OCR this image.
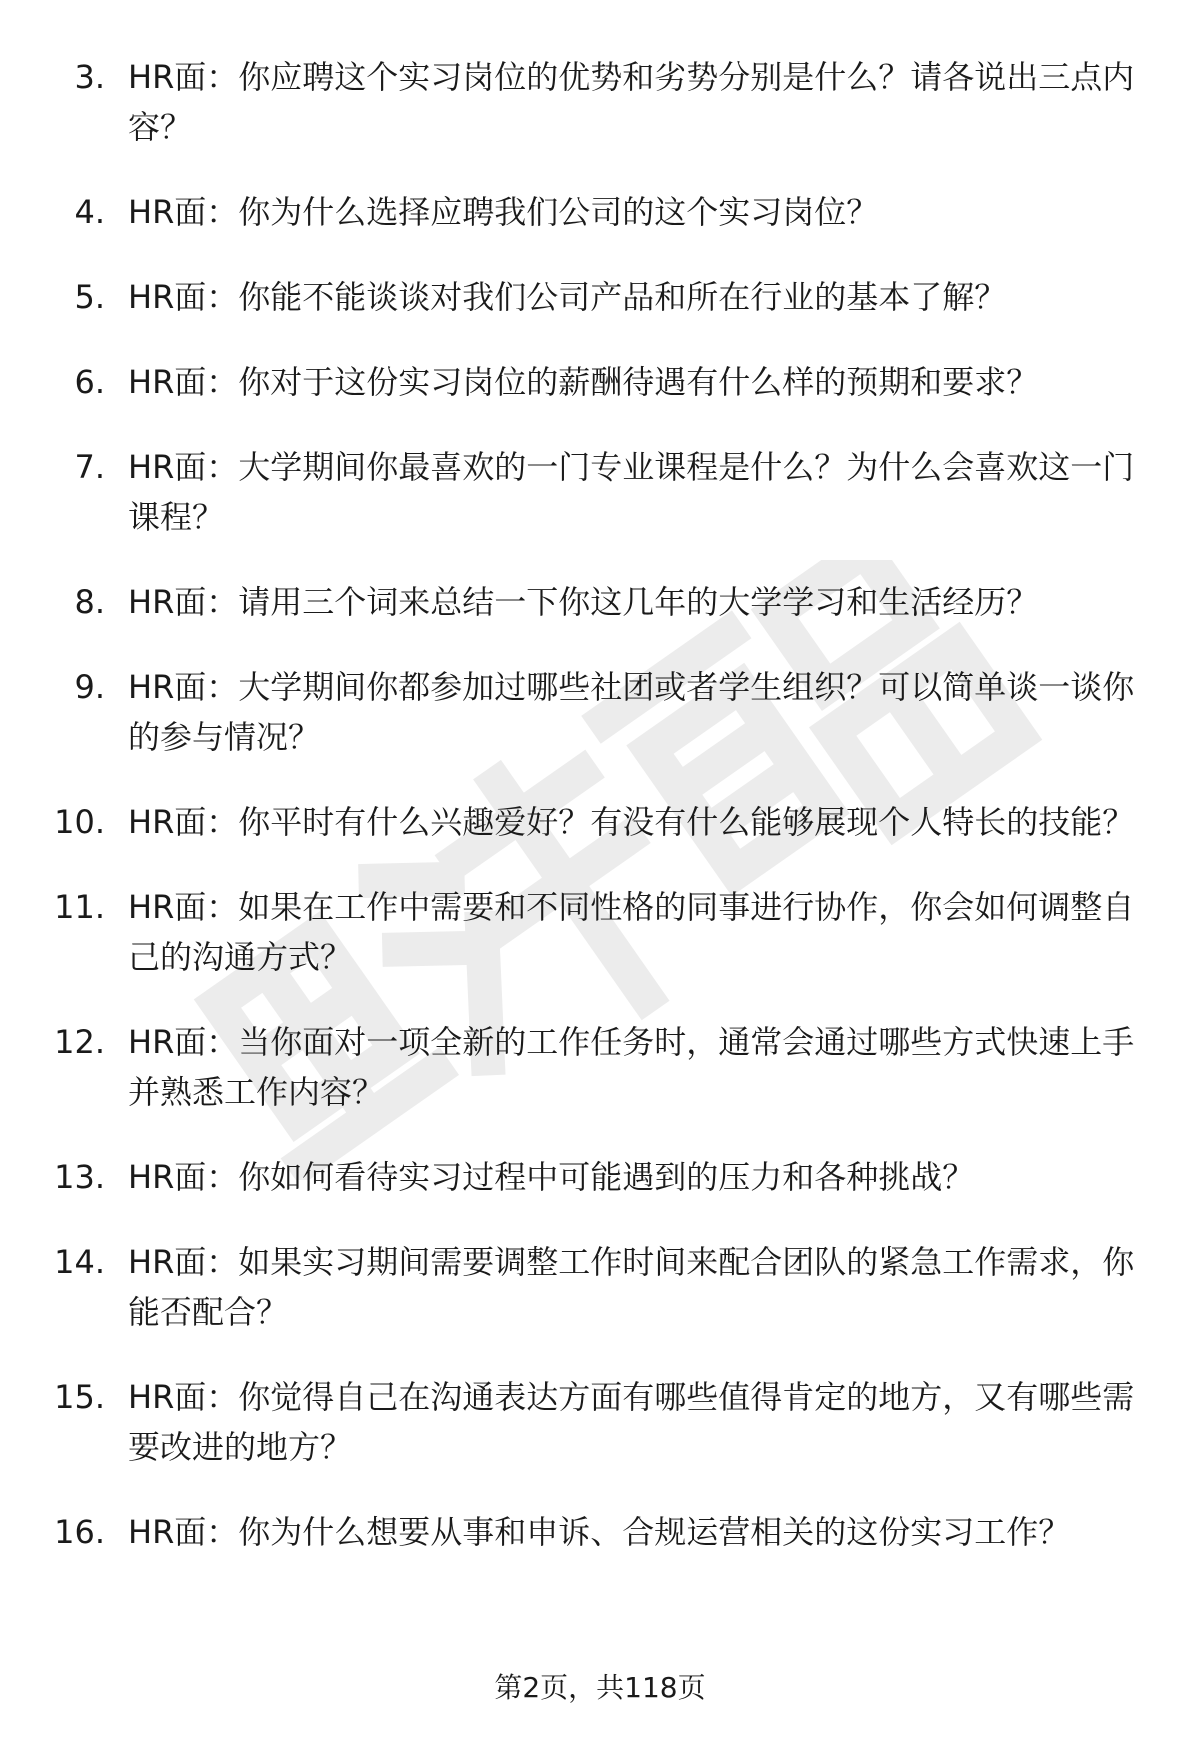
3. HR面：你应聘这个实习岗位的优势和劣势分别是什么？请各说出三点内容？
4. HR面：你为什么选择应聘我们公司的这个实习岗位？
5. HR面：你能不能谈谈对我们公司产品和所在行业的基本了解？
6. HR面：你对于这份实习岗位的薪酬待遇有什么样的预期和要求？
7. HR面：大学期间你最喜欢的一门专业课程是什么？为什么会喜欢这一门课程？
8. HR面：请用三个词来总结一下你这几年的大学学习和生活经历？
9. HR面：大学期间你都参加过哪些社团或者学生组织？可以简单谈一谈你的参与情况？
10. HR面：你平时有什么兴趣爱好？有没有什么能够展现个人特长的技能？
11. HR面：如果在工作中需要和不同性格的同事进行协作，你会如何调整自己的沟通方式？
12. HR面：当你面对一项全新的工作任务时，通常会通过哪些方式快速上手并熟悉工作内容？
13. HR面：你如何看待实习过程中可能遇到的压力和各种挑战？
14. HR面：如果实习期间需要调整工作时间来配合团队的紧急工作需求，你能否配合？
15. HR面：你觉得自己在沟通表达方面有哪些值得肯定的地方，又有哪些需要改进的地方？
16. HR面：你为什么想要从事和申诉、合规运营相关的这份实习工作？
第2页，共118页
